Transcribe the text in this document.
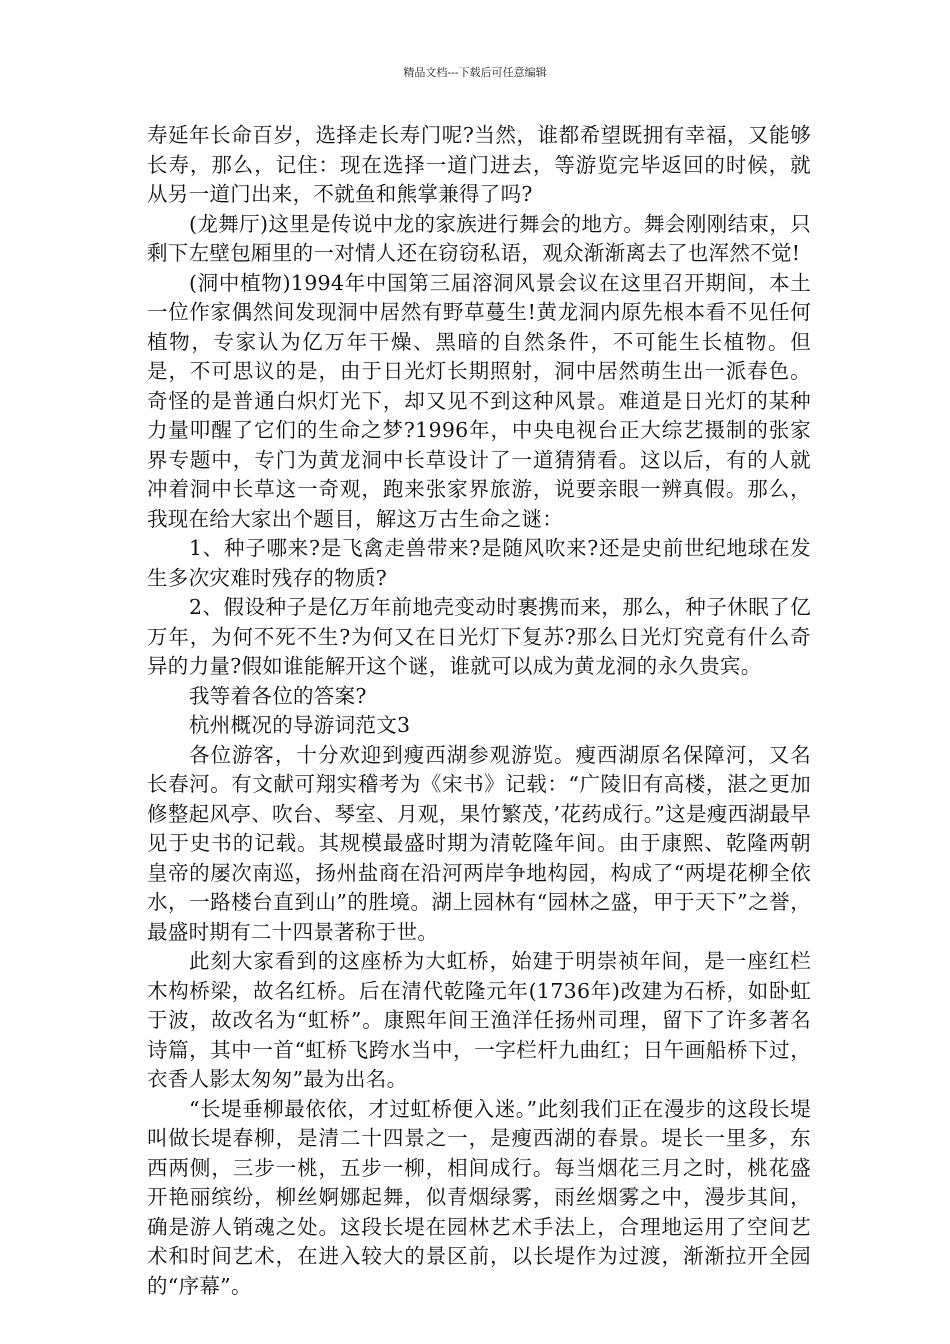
精品文档---下载后可任意编辑

寿延年长命百岁，选择走长寿门呢?当然，谁都希望既拥有幸福，又能够长寿，那么，记住：现在选择一道门进去，等游览完毕返回的时候，就从另一道门出来，不就鱼和熊掌兼得了吗?

(龙舞厅)这里是传说中龙的家族进行舞会的地方。舞会刚刚结束，只剩下左壁包厢里的一对情人还在窃窃私语，观众渐渐离去了也浑然不觉!

(洞中植物)1994年中国第三届溶洞风景会议在这里召开期间，本土一位作家偶然间发现洞中居然有野草蔓生!黄龙洞内原先根本看不见任何植物，专家认为亿万年干燥、黑暗的自然条件，不可能生长植物。但是，不可思议的是，由于日光灯长期照射，洞中居然萌生出一派春色。奇怪的是普通白炽灯光下，却又见不到这种风景。难道是日光灯的某种力量叩醒了它们的生命之梦?1996年，中央电视台正大综艺摄制的张家界专题中，专门为黄龙洞中长草设计了一道猜猜看。这以后，有的人就冲着洞中长草这一奇观，跑来张家界旅游，说要亲眼一辨真假。那么，我现在给大家出个题目，解这万古生命之谜：

1、种子哪来?是飞禽走兽带来?是随风吹来?还是史前世纪地球在发生多次灾难时残存的物质?

2、假设种子是亿万年前地壳变动时裹携而来，那么，种子休眠了亿万年，为何不死不生?为何又在日光灯下复苏?那么日光灯究竟有什么奇异的力量?假如谁能解开这个谜，谁就可以成为黄龙洞的永久贵宾。

我等着各位的答案?

杭州概况的导游词范文3

各位游客，十分欢迎到瘦西湖参观游览。瘦西湖原名保障河，又名长春河。有文献可翔实稽考为《宋书》记载：“广陵旧有高楼，湛之更加修整起风亭、吹台、琴室、月观，果竹繁茂，’花药成行。”这是瘦西湖最早见于史书的记载。其规模最盛时期为清乾隆年间。由于康熙、乾隆两朝皇帝的屡次南巡，扬州盐商在沿河两岸争地构园，构成了“两堤花柳全依水，一路楼台直到山”的胜境。湖上园林有“园林之盛，甲于天下”之誉，最盛时期有二十四景著称于世。

此刻大家看到的这座桥为大虹桥，始建于明崇祯年间，是一座红栏木构桥梁，故名红桥。后在清代乾隆元年(1736年)改建为石桥，如卧虹于波，故改名为“虹桥”。康熙年间王渔洋任扬州司理，留下了许多著名诗篇，其中一首“虹桥飞跨水当中，一字栏杆九曲红；日午画船桥下过，衣香人影太匆匆”最为出名。

“长堤垂柳最依依，才过虹桥便入迷。”此刻我们正在漫步的这段长堤叫做长堤春柳，是清二十四景之一，是瘦西湖的春景。堤长一里多，东西两侧，三步一桃，五步一柳，相间成行。每当烟花三月之时，桃花盛开艳丽缤纷，柳丝婀娜起舞，似青烟绿雾，雨丝烟雾之中，漫步其间，确是游人销魂之处。这段长堤在园林艺术手法上，合理地运用了空间艺术和时间艺术，在进入较大的景区前，以长堤作为过渡，渐渐拉开全园的“序幕”。
